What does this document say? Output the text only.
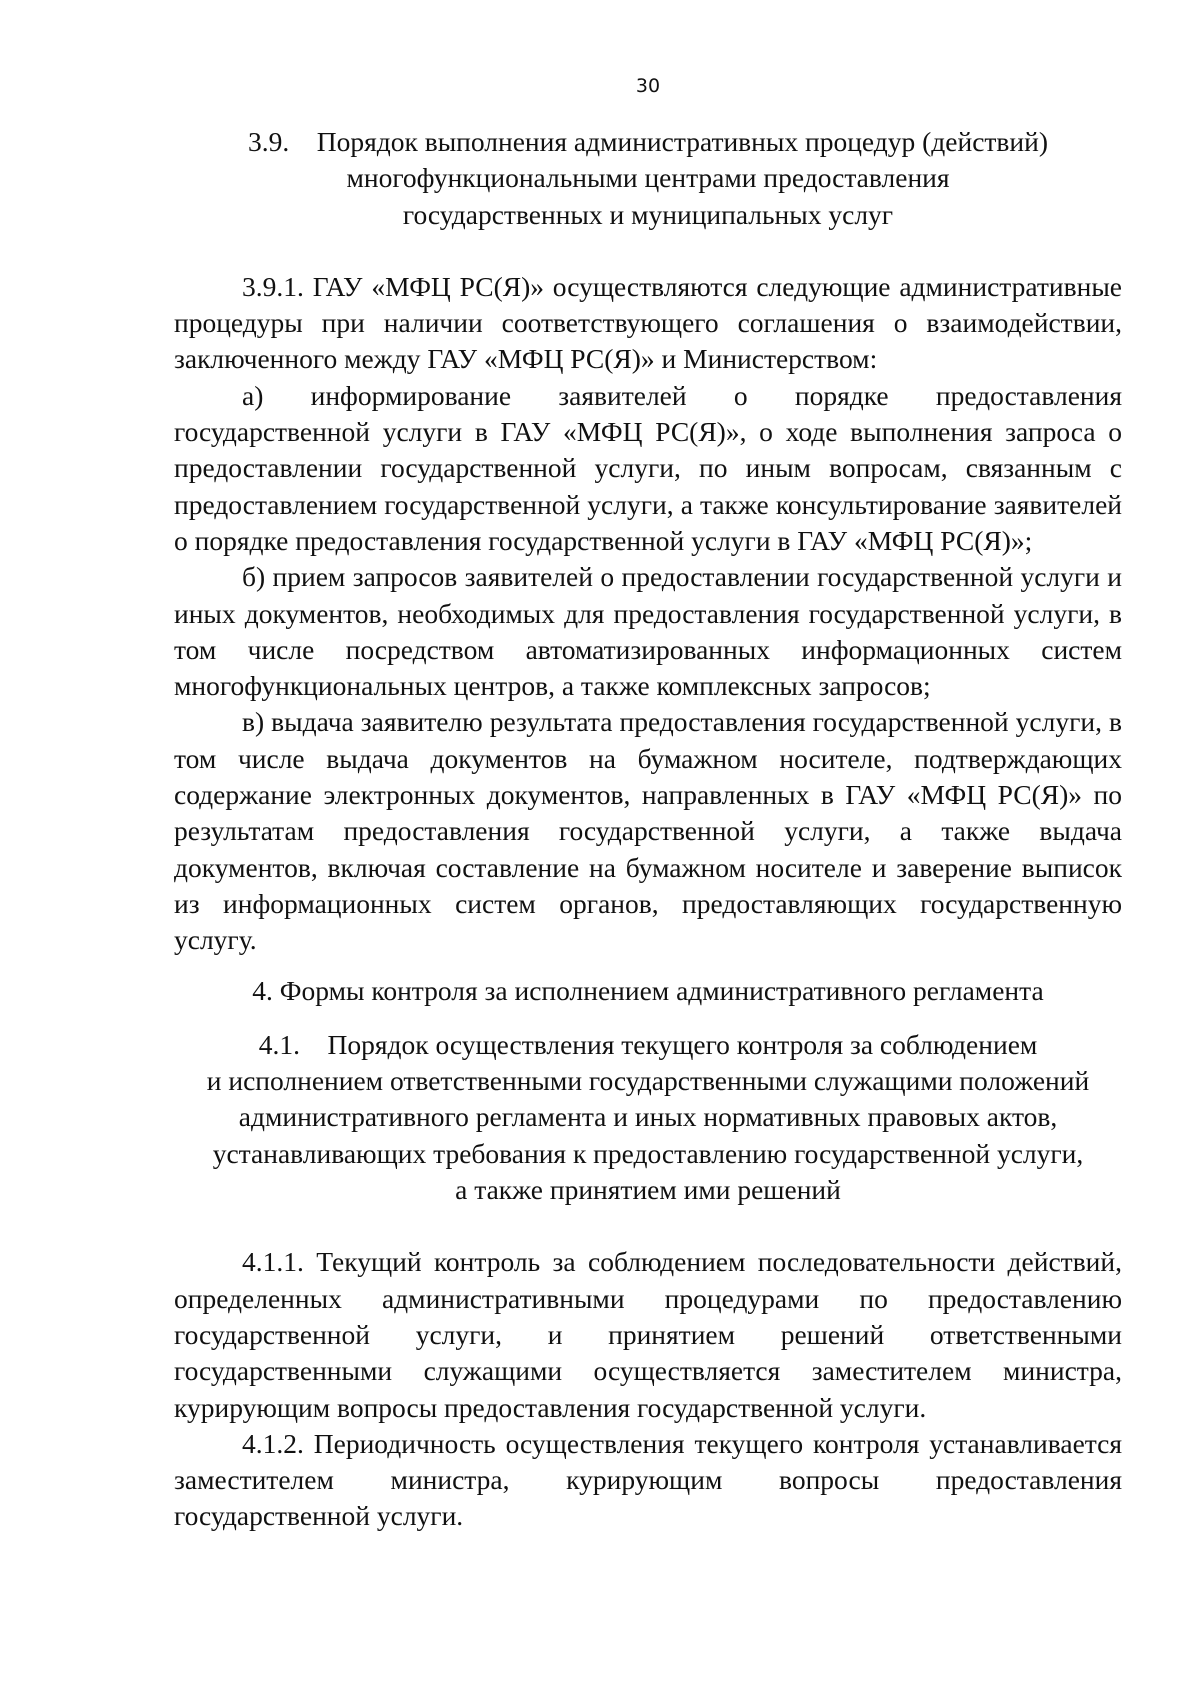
30
3.9.    Порядок выполнения административных процедур (действий)
многофункциональными центрами предоставления
государственных и муниципальных услуг

3.9.1. ГАУ «МФЦ РС(Я)» осуществляются следующие административные процедуры при наличии соответствующего соглашения о взаимодействии, заключенного между ГАУ «МФЦ РС(Я)» и Министерством:

а) информирование заявителей о порядке предоставления государственной услуги в ГАУ «МФЦ РС(Я)», о ходе выполнения запроса о предоставлении государственной услуги, по иным вопросам, связанным с предоставлением государственной услуги, а также консультирование заявителей о порядке предоставления государственной услуги в ГАУ «МФЦ РС(Я)»;

б) прием запросов заявителей о предоставлении государственной услуги и иных документов, необходимых для предоставления государственной услуги, в том числе посредством автоматизированных информационных систем многофункциональных центров, а также комплексных запросов;

в) выдача заявителю результата предоставления государственной услуги, в том числе выдача документов на бумажном носителе, подтверждающих содержание электронных документов, направленных в ГАУ «МФЦ РС(Я)» по результатам предоставления государственной услуги, а также выдача документов, включая составление на бумажном носителе и заверение выписок из информационных систем органов, предоставляющих государственную услугу.

4. Формы контроля за исполнением административного регламента

4.1.    Порядок осуществления текущего контроля за соблюдением
и исполнением ответственными государственными служащими положений
административного регламента и иных нормативных правовых актов,
устанавливающих требования к предоставлению государственной услуги,
а также принятием ими решений

4.1.1. Текущий контроль за соблюдением последовательности действий, определенных административными процедурами по предоставлению государственной услуги, и принятием решений ответственными государственными служащими осуществляется заместителем министра, курирующим вопросы предоставления государственной услуги.

4.1.2. Периодичность осуществления текущего контроля устанавливается заместителем министра, курирующим вопросы предоставления государственной услуги.
